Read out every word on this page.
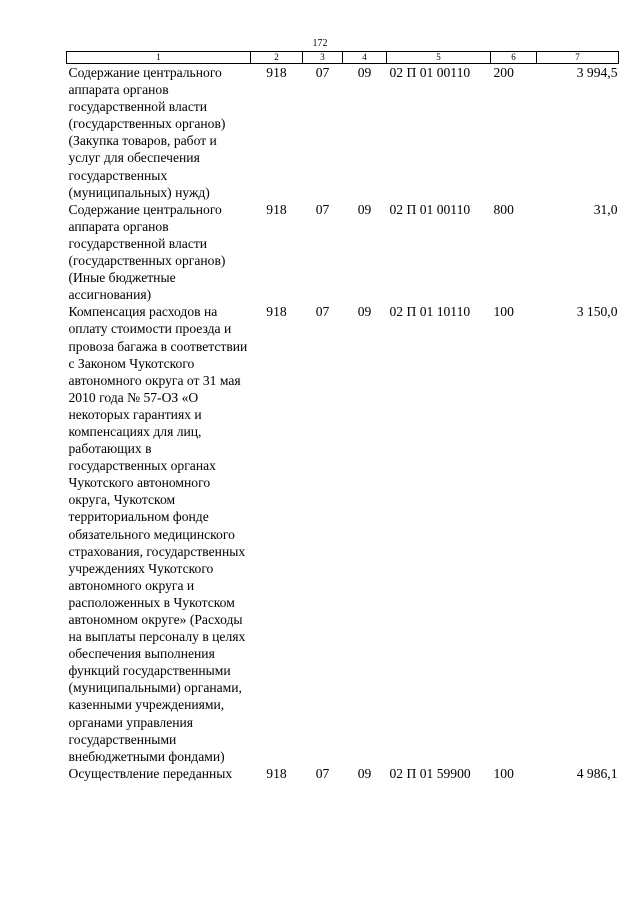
172
1	2	3	4	5	6	7
Содержание центрального аппарата органов государственной власти (государственных органов) (Закупка товаров, работ и услуг для обеспечения государственных (муниципальных) нужд)	918	07	09	02 П 01 00110	200	3 994,5
Содержание центрального аппарата органов государственной власти (государственных органов) (Иные бюджетные ассигнования)	918	07	09	02 П 01 00110	800	31,0
Компенсация расходов на оплату стоимости проезда и провоза багажа в соответствии с Законом Чукотского автономного округа от 31 мая 2010 года № 57-ОЗ «О некоторых гарантиях и компенсациях для лиц, работающих в государственных органах Чукотского автономного округа, Чукотском территориальном фонде обязательного медицинского страхования, государственных учреждениях Чукотского автономного округа и расположенных в Чукотском автономном округе» (Расходы на выплаты персоналу в целях обеспечения выполнения функций государственными (муниципальными) органами, казенными учреждениями, органами управления государственными внебюджетными фондами)	918	07	09	02 П 01 10110	100	3 150,0
Осуществление переданных	918	07	09	02 П 01 59900	100	4 986,1
